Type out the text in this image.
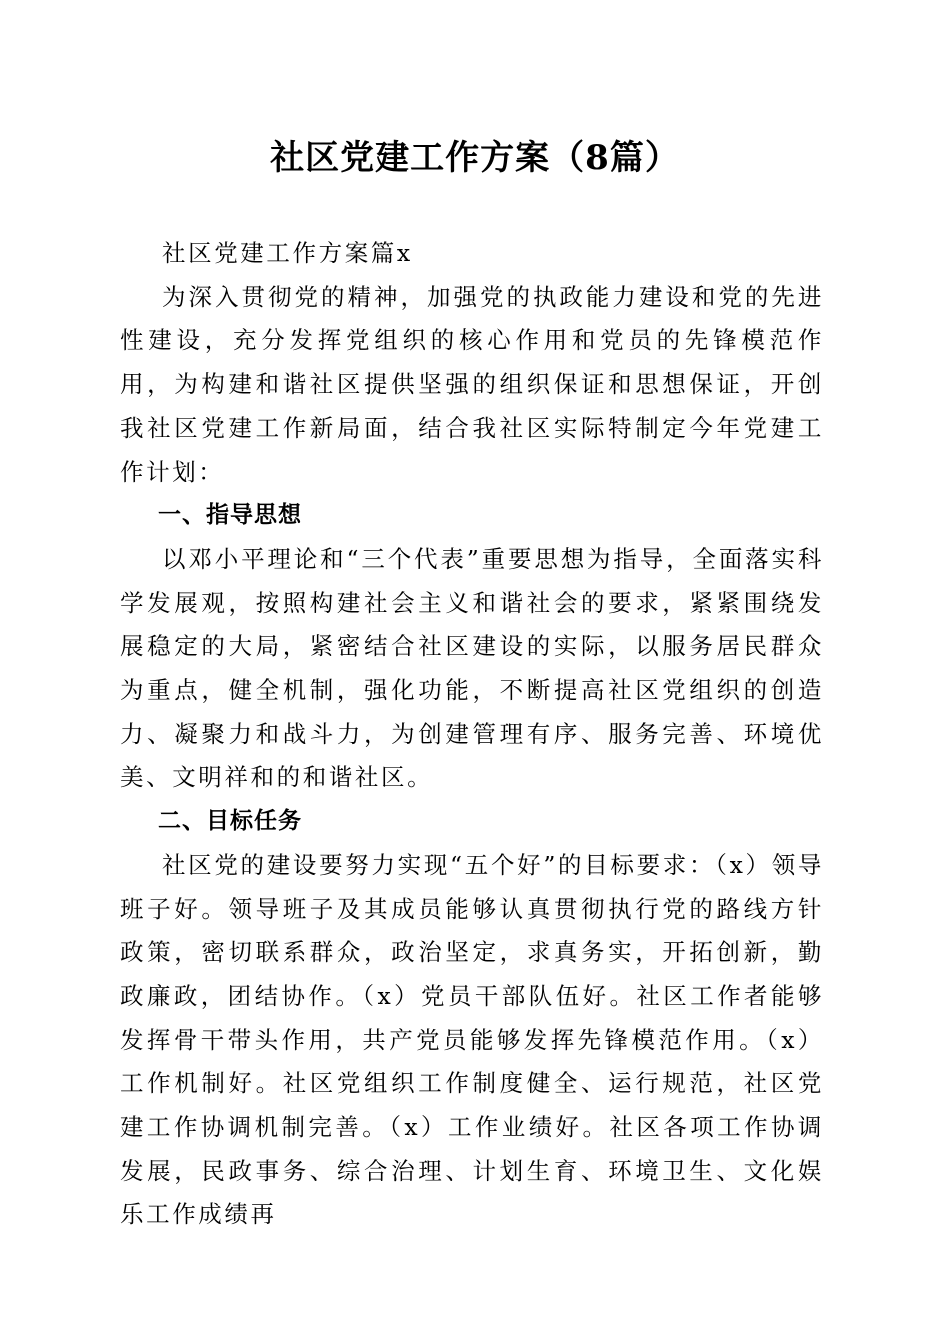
社区党建工作方案（8篇）

社区党建工作方案篇x

为深入贯彻党的精神，加强党的执政能力建设和党的先进性建设，充分发挥党组织的核心作用和党员的先锋模范作用，为构建和谐社区提供坚强的组织保证和思想保证，开创我社区党建工作新局面，结合我社区实际特制定今年党建工作计划：

一、指导思想

以邓小平理论和“三个代表”重要思想为指导，全面落实科学发展观，按照构建社会主义和谐社会的要求，紧紧围绕发展稳定的大局，紧密结合社区建设的实际，以服务居民群众为重点，健全机制，强化功能，不断提高社区党组织的创造力、凝聚力和战斗力，为创建管理有序、服务完善、环境优美、文明祥和的和谐社区。

二、目标任务

社区党的建设要努力实现“五个好”的目标要求：（x）领导班子好。领导班子及其成员能够认真贯彻执行党的路线方针政策，密切联系群众，政治坚定，求真务实，开拓创新，勤政廉政，团结协作。（x）党员干部队伍好。社区工作者能够发挥骨干带头作用，共产党员能够发挥先锋模范作用。（x）工作机制好。社区党组织工作制度健全、运行规范，社区党建工作协调机制完善。（x）工作业绩好。社区各项工作协调发展，民政事务、综合治理、计划生育、环境卫生、文化娱乐工作成绩再
